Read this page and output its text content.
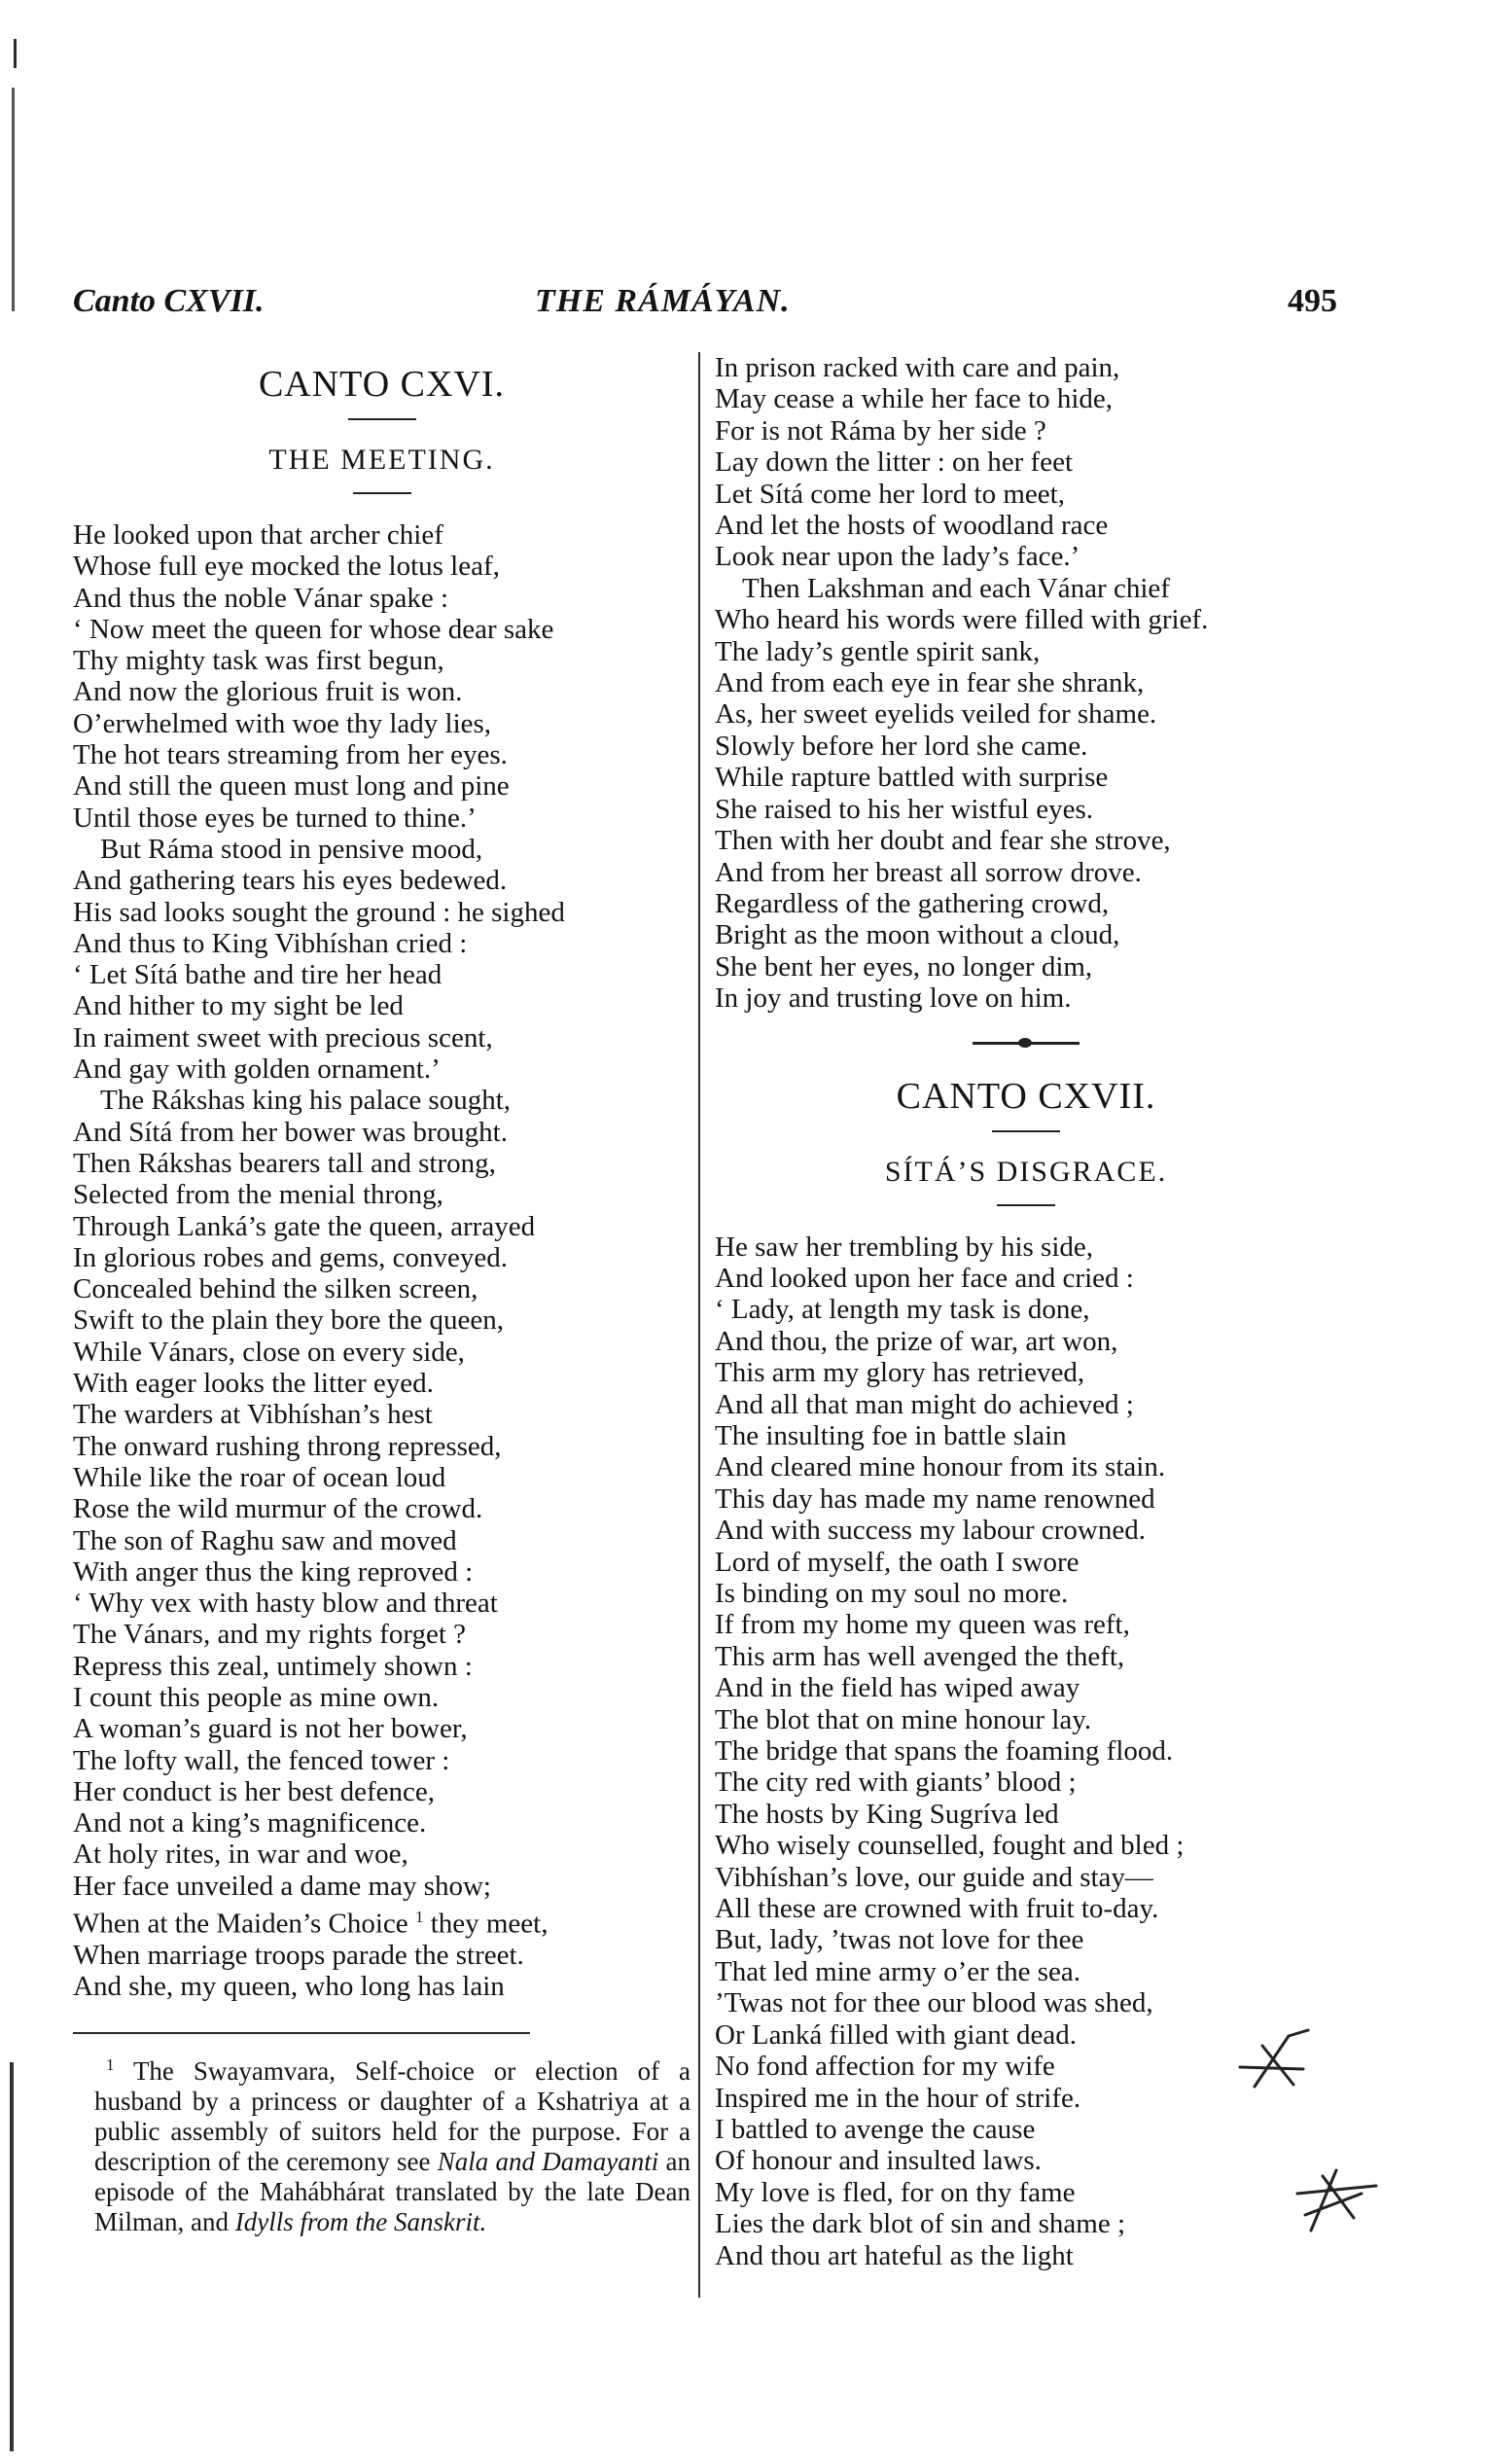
Canto CXVII.	THE RÁMÁYAN.	495
CANTO CXVI.
THE MEETING.
He looked upon that archer chief
Whose full eye mocked the lotus leaf,
And thus the noble Vánar spake :
‘ Now meet the queen for whose dear sake
Thy mighty task was first begun,
And now the glorious fruit is won.
O’erwhelmed with woe thy lady lies,
The hot tears streaming from her eyes.
And still the queen must long and pine
Until those eyes be turned to thine.’
But Ráma stood in pensive mood,
And gathering tears his eyes bedewed.
His sad looks sought the ground : he sighed
And thus to King Vibhíshan cried :
‘ Let Sítá bathe and tire her head
And hither to my sight be led
In raiment sweet with precious scent,
And gay with golden ornament.’
The Rákshas king his palace sought,
And Sítá from her bower was brought.
Then Rákshas bearers tall and strong,
Selected from the menial throng,
Through Lanká’s gate the queen, arrayed
In glorious robes and gems, conveyed.
Concealed behind the silken screen,
Swift to the plain they bore the queen,
While Vánars, close on every side,
With eager looks the litter eyed.
The warders at Vibhíshan’s hest
The onward rushing throng repressed,
While like the roar of ocean loud
Rose the wild murmur of the crowd.
The son of Raghu saw and moved
With anger thus the king reproved :
‘ Why vex with hasty blow and threat
The Vánars, and my rights forget ?
Repress this zeal, untimely shown :
I count this people as mine own.
A woman’s guard is not her bower,
The lofty wall, the fenced tower :
Her conduct is her best defence,
And not a king’s magnificence.
At holy rites, in war and woe,
Her face unveiled a dame may show;
When at the Maiden’s Choice $^1$ they meet,
When marriage troops parade the street.
And she, my queen, who long has lain
$^1$ The Swayamvara, Self-choice or election of a husband by a princess or daughter of a Kshatriya at a public assembly of suitors held for the purpose. For a description of the ceremony see Nala and Damayanti an episode of the Mahábhárat translated by the late Dean Milman, and Idylls from the Sanskrit.
In prison racked with care and pain,
May cease a while her face to hide,
For is not Ráma by her side ?
Lay down the litter : on her feet
Let Sítá come her lord to meet,
And let the hosts of woodland race
Look near upon the lady’s face.’
Then Lakshman and each Vánar chief
Who heard his words were filled with grief.
The lady’s gentle spirit sank,
And from each eye in fear she shrank,
As, her sweet eyelids veiled for shame.
Slowly before her lord she came.
While rapture battled with surprise
She raised to his her wistful eyes.
Then with her doubt and fear she strove,
And from her breast all sorrow drove.
Regardless of the gathering crowd,
Bright as the moon without a cloud,
She bent her eyes, no longer dim,
In joy and trusting love on him.
CANTO CXVII.
SÍTÁ’S DISGRACE.
He saw her trembling by his side,
And looked upon her face and cried :
‘ Lady, at length my task is done,
And thou, the prize of war, art won,
This arm my glory has retrieved,
And all that man might do achieved ;
The insulting foe in battle slain
And cleared mine honour from its stain.
This day has made my name renowned
And with success my labour crowned.
Lord of myself, the oath I swore
Is binding on my soul no more.
If from my home my queen was reft,
This arm has well avenged the theft,
And in the field has wiped away
The blot that on mine honour lay.
The bridge that spans the foaming flood.
The city red with giants’ blood ;
The hosts by King Sugríva led
Who wisely counselled, fought and bled ;
Vibhíshan’s love, our guide and stay—
All these are crowned with fruit to-day.
But, lady, ’twas not love for thee
That led mine army o’er the sea.
’Twas not for thee our blood was shed,
Or Lanká filled with giant dead.
No fond affection for my wife
Inspired me in the hour of strife.
I battled to avenge the cause
Of honour and insulted laws.
My love is fled, for on thy fame
Lies the dark blot of sin and shame ;
And thou art hateful as the light
